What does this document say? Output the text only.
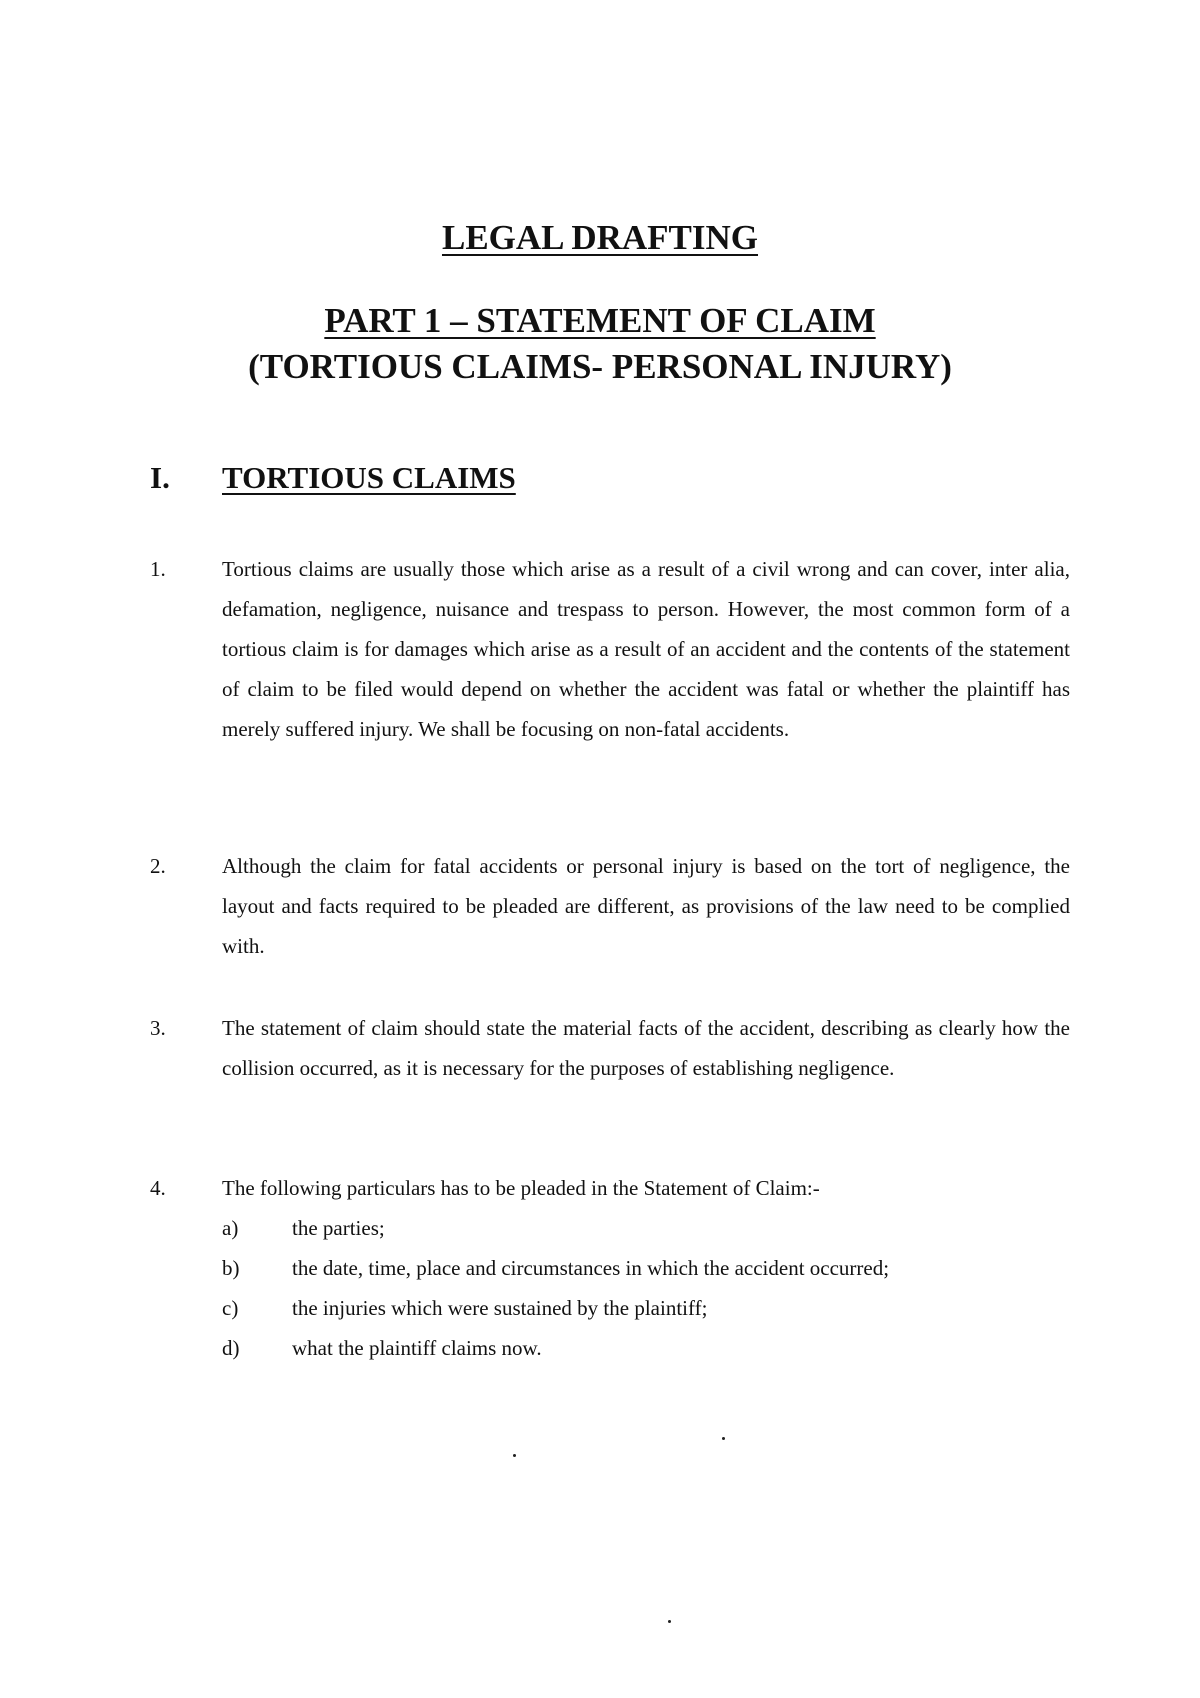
LEGAL DRAFTING
PART 1 – STATEMENT OF CLAIM
(TORTIOUS CLAIMS- PERSONAL INJURY)
I. TORTIOUS CLAIMS
1.	Tortious claims are usually those which arise as a result of a civil wrong and can cover, inter alia, defamation, negligence, nuisance and trespass to person. However, the most common form of a tortious claim is for damages which arise as a result of an accident and the contents of the statement of claim to be filed would depend on whether the accident was fatal or whether the plaintiff has merely suffered injury. We shall be focusing on non-fatal accidents.
2.	Although the claim for fatal accidents or personal injury is based on the tort of negligence, the layout and facts required to be pleaded are different, as provisions of the law need to be complied with.
3.	The statement of claim should state the material facts of the accident, describing as clearly how the collision occurred, as it is necessary for the purposes of establishing negligence.
4.	The following particulars has to be pleaded in the Statement of Claim:-
a)	the parties;
b)	the date, time, place and circumstances in which the accident occurred;
c)	the injuries which were sustained by the plaintiff;
d)	what the plaintiff claims now.
